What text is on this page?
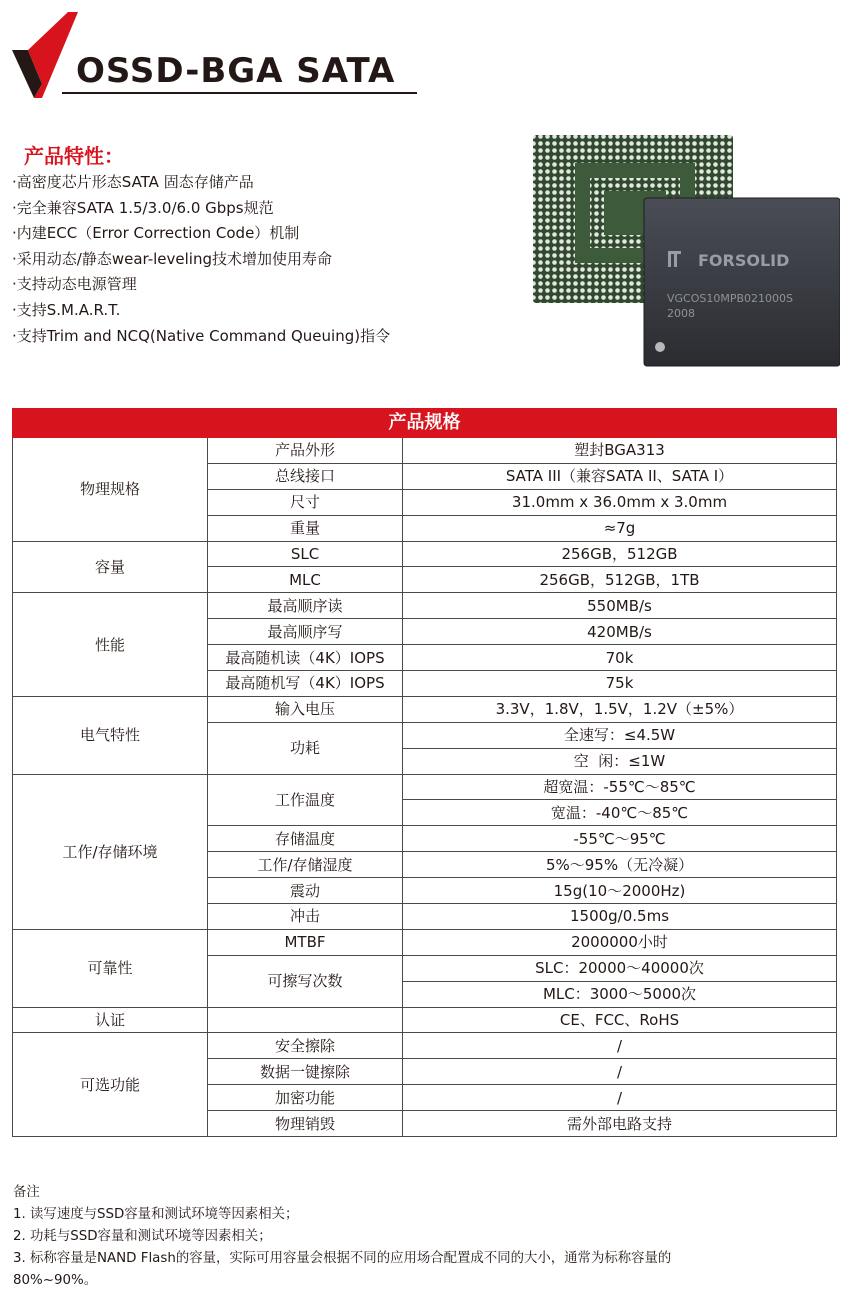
OSSD-BGA SATA
产品特性：
·高密度芯片形态SATA 固态存储产品
·完全兼容SATA 1.5/3.0/6.0 Gbps规范
·内建ECC（Error Correction Code）机制
·采用动态/静态wear-leveling技术增加使用寿命
·支持动态电源管理
·支持S.M.A.R.T.
·支持Trim and NCQ(Native Command Queuing)指令
FORSOLID
VGCOS10MPB021000S
2008
产品规格		
物理规格	产品外形	塑封BGA313
	总线接口	SATA III（兼容SATA II、SATA I）
	尺寸	31.0mm x 36.0mm x 3.0mm
	重量	≈7g
容量	SLC	256GB，512GB
	MLC	256GB，512GB，1TB
性能	最高顺序读	550MB/s
	最高顺序写	420MB/s
	最高随机读（4K）IOPS	70k
	最高随机写（4K）IOPS	75k
电气特性	输入电压	3.3V，1.8V，1.5V，1.2V（±5%）
	功耗	全速写：≤4.5W
		空  闲：≤1W
工作/存储环境	工作温度	超宽温：-55℃～85℃
		宽温：-40℃～85℃
	存储温度	-55℃～95℃
	工作/存储湿度	5%～95%（无冷凝）
	震动	15g(10～2000Hz)
	冲击	1500g/0.5ms
可靠性	MTBF	2000000小时
	可擦写次数	SLC：20000～40000次
		MLC：3000～5000次
认证		CE、FCC、RoHS
可选功能	安全擦除	/
	数据一键擦除	/
	加密功能	/
	物理销毁	需外部电路支持
备注
1. 读写速度与SSD容量和测试环境等因素相关；
2. 功耗与SSD容量和测试环境等因素相关；
3. 标称容量是NAND Flash的容量，实际可用容量会根据不同的应用场合配置成不同的大小，通常为标称容量的
80%~90%。
